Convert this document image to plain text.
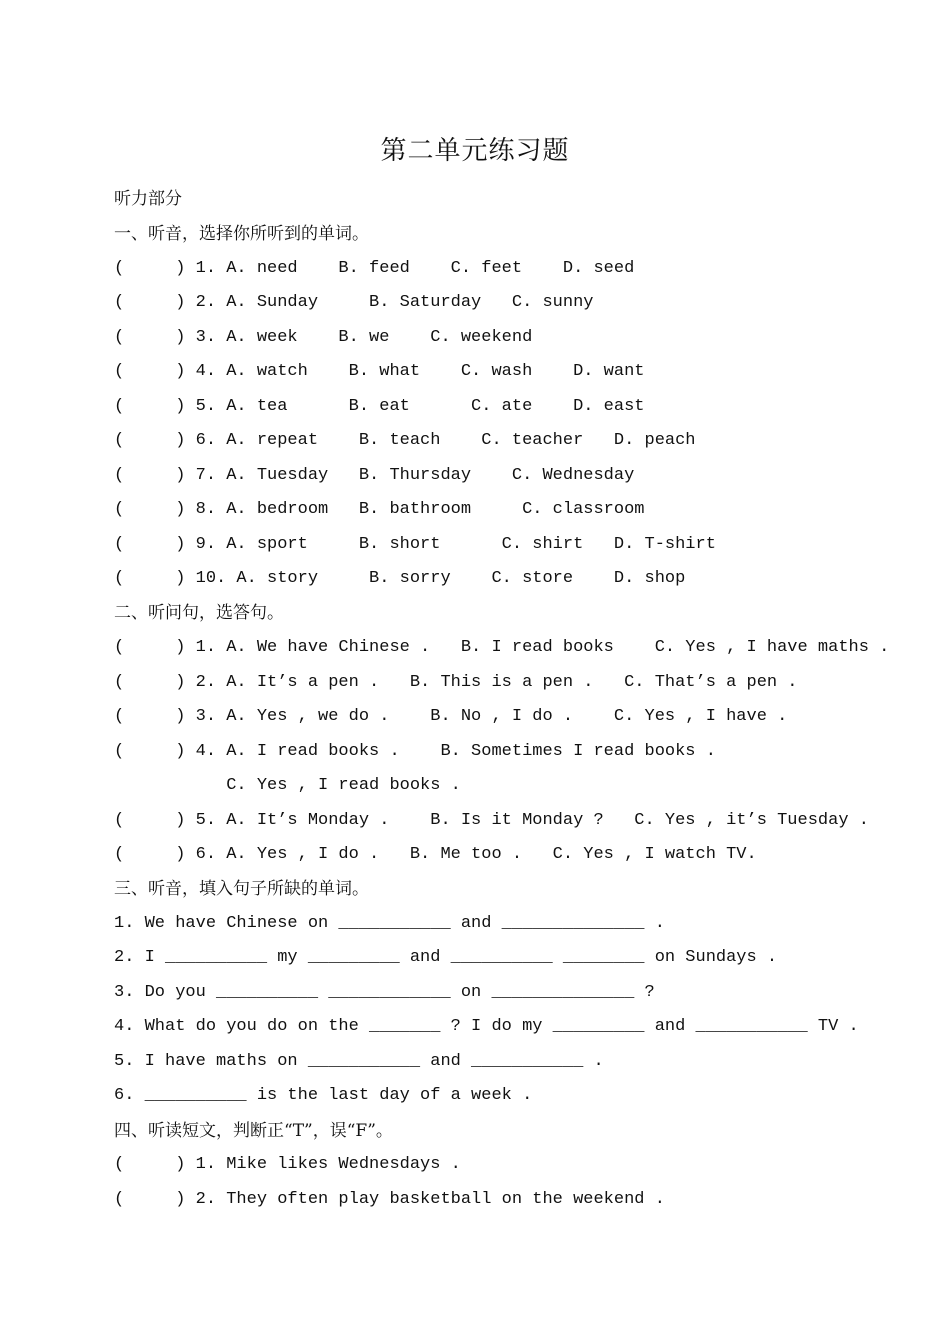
第二单元练习题
听力部分
一、听音，选择你所听到的单词。
(     ) 1. A. need    B. feed    C. feet    D. seed
(     ) 2. A. Sunday     B. Saturday   C. sunny
(     ) 3. A. week    B. we    C. weekend
(     ) 4. A. watch    B. what    C. wash    D. want
(     ) 5. A. tea      B. eat      C. ate    D. east
(     ) 6. A. repeat    B. teach    C. teacher   D. peach
(     ) 7. A. Tuesday   B. Thursday    C. Wednesday
(     ) 8. A. bedroom   B. bathroom     C. classroom
(     ) 9. A. sport     B. short      C. shirt   D. T-shirt
(     ) 10. A. story     B. sorry    C. store    D. shop
二、听问句，选答句。
(     ) 1. A. We have Chinese .   B. I read books    C. Yes , I have maths .
(     ) 2. A. It’s a pen .   B. This is a pen .   C. That’s a pen .
(     ) 3. A. Yes , we do .    B. No , I do .    C. Yes , I have .
(     ) 4. A. I read books .    B. Sometimes I read books .
C. Yes , I read books .
(     ) 5. A. It’s Monday .    B. Is it Monday ?   C. Yes , it’s Tuesday .
(     ) 6. A. Yes , I do .   B. Me too .   C. Yes , I watch TV.
三、听音，填入句子所缺的单词。
1. We have Chinese on ___________ and ______________ .
2. I __________ my _________ and __________ ________ on Sundays .
3. Do you __________ ____________ on ______________ ?
4. What do you do on the _______ ? I do my _________ and ___________ TV .
5. I have maths on ___________ and ___________ .
6. __________ is the last day of a week .
四、听读短文，判断正“T”，误“F”。
(     ) 1. Mike likes Wednesdays .
(     ) 2. They often play basketball on the weekend .
